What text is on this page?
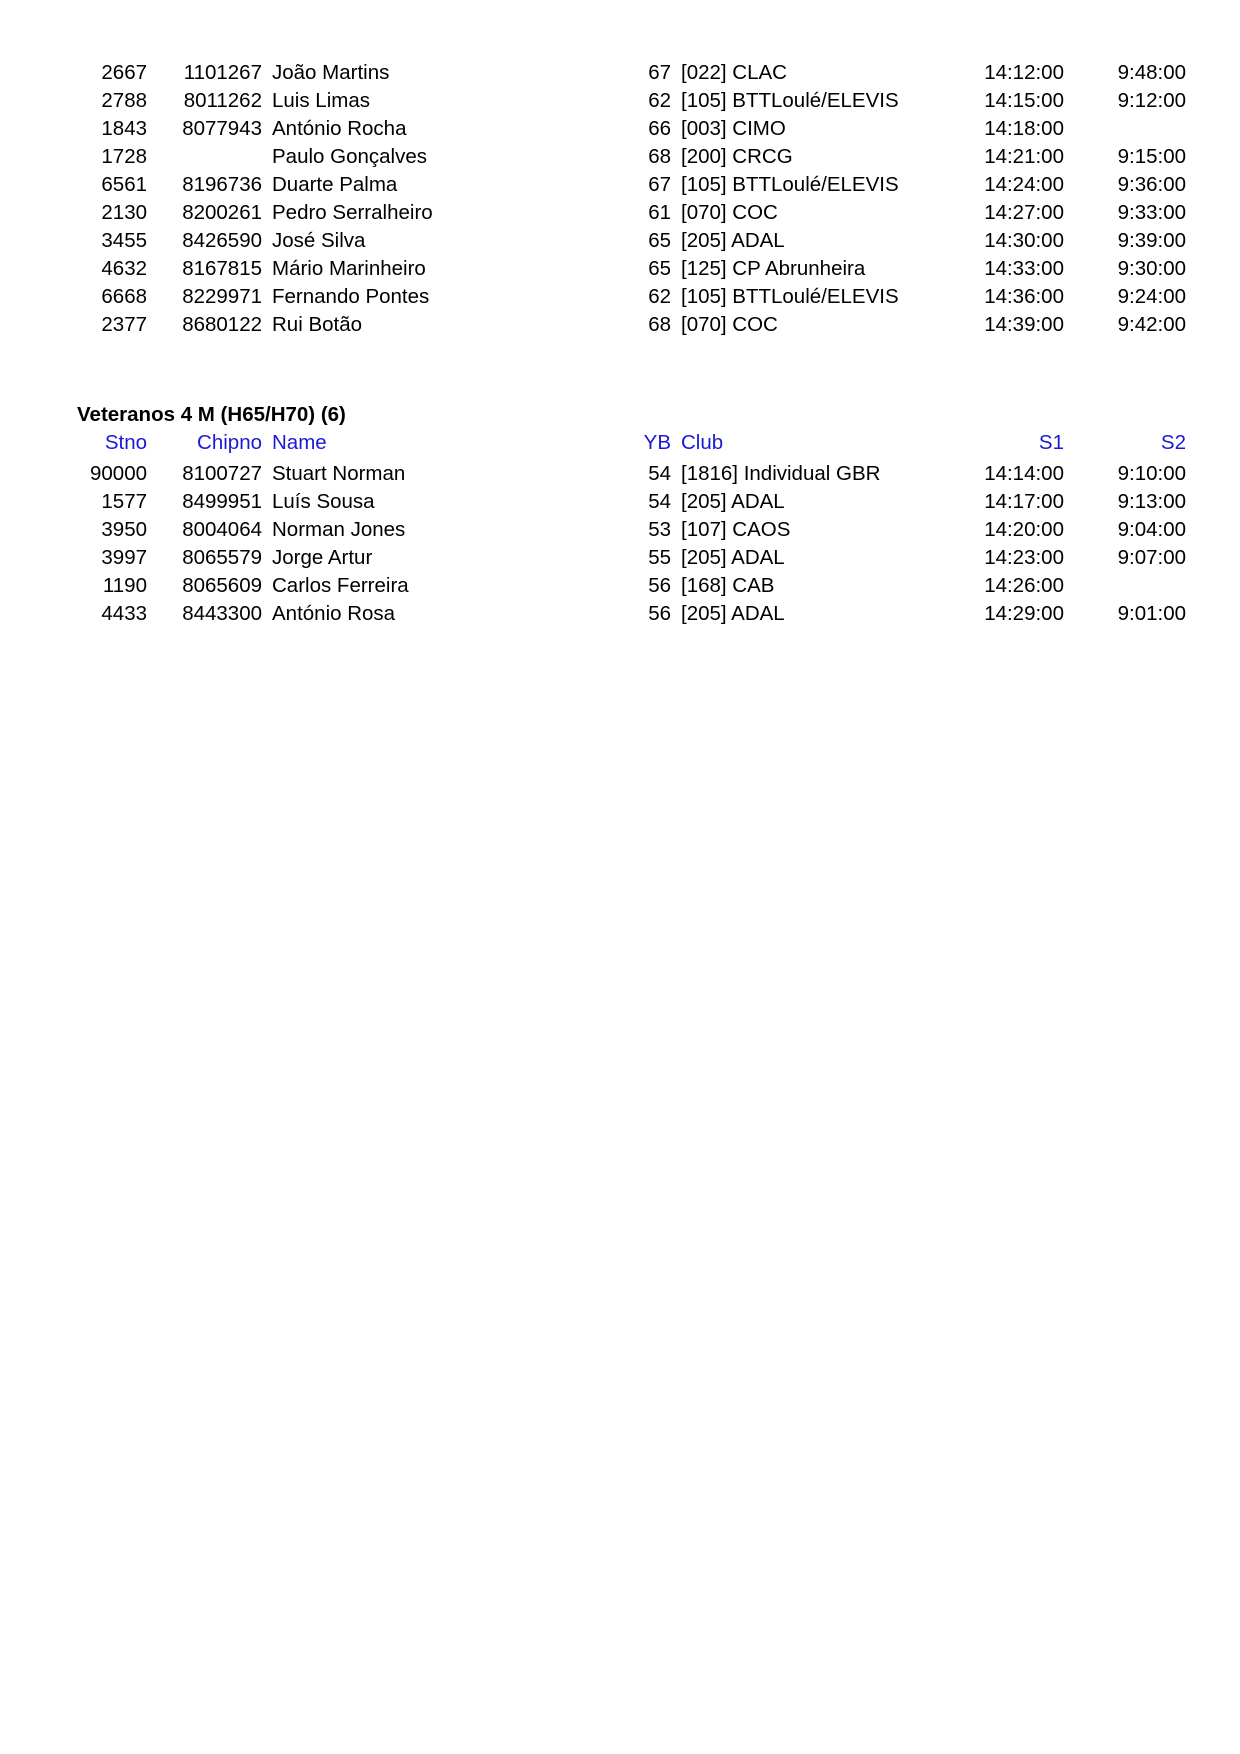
2667 1101267 João Martins	67 [022] CLAC	14:12:00	9:48:00
2788 8011262 Luis Limas	62 [105] BTTLoulé/ELEVIS	14:15:00	9:12:00
1843 8077943 António Rocha	66 [003] CIMO	14:18:00
1728	Paulo Gonçalves	68 [200] CRCG	14:21:00	9:15:00
6561 8196736 Duarte Palma	67 [105] BTTLoulé/ELEVIS	14:24:00	9:36:00
2130 8200261 Pedro Serralheiro	61 [070] COC	14:27:00	9:33:00
3455 8426590 José Silva	65 [205] ADAL	14:30:00	9:39:00
4632 8167815 Mário Marinheiro	65 [125] CP Abrunheira	14:33:00	9:30:00
6668 8229971 Fernando Pontes	62 [105] BTTLoulé/ELEVIS	14:36:00	9:24:00
2377 8680122 Rui Botão	68 [070] COC	14:39:00	9:42:00
Veteranos 4 M (H65/H70) (6)
Stno Chipno Name	YB Club	S1	S2
90000 8100727 Stuart Norman	54 [1816] Individual GBR	14:14:00	9:10:00
1577 8499951 Luís Sousa	54 [205] ADAL	14:17:00	9:13:00
3950 8004064 Norman Jones	53 [107] CAOS	14:20:00	9:04:00
3997 8065579 Jorge Artur	55 [205] ADAL	14:23:00	9:07:00
1190 8065609 Carlos Ferreira	56 [168] CAB	14:26:00
4433 8443300 António Rosa	56 [205] ADAL	14:29:00	9:01:00
